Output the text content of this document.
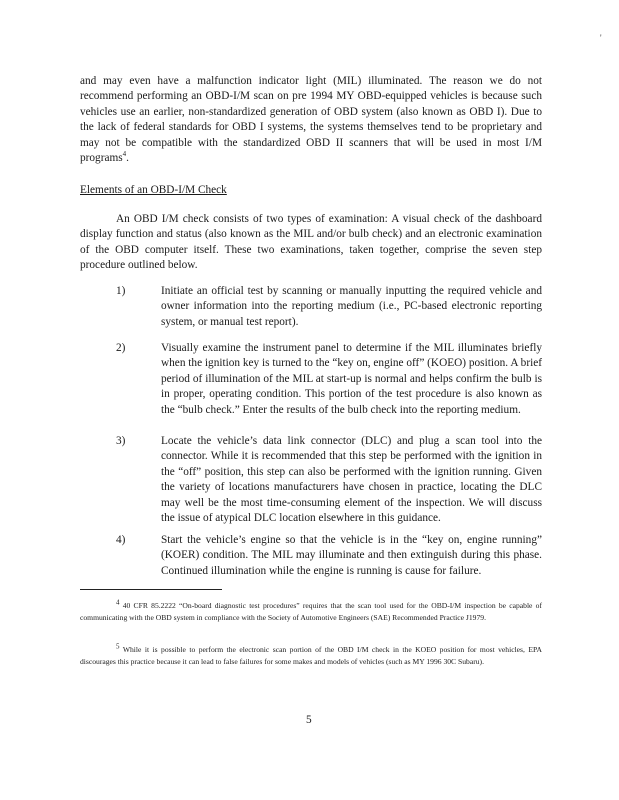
'

and may even have a malfunction indicator light (MIL) illuminated. The reason we do not recommend performing an OBD-I/M scan on pre 1994 MY OBD-equipped vehicles is because such vehicles use an earlier, non-standardized generation of OBD system (also known as OBD I). Due to the lack of federal standards for OBD I systems, the systems themselves tend to be proprietary and may not be compatible with the standardized OBD II scanners that will be used in most I/M programs$^4$.

Elements of an OBD-I/M Check

An OBD I/M check consists of two types of examination: A visual check of the dashboard display function and status (also known as the MIL and/or bulb check) and an electronic examination of the OBD computer itself. These two examinations, taken together, comprise the seven step procedure outlined below.

1)	Initiate an official test by scanning or manually inputting the required vehicle and owner information into the reporting medium (i.e., PC-based electronic reporting system, or manual test report).
2)	Visually examine the instrument panel to determine if the MIL illuminates briefly when the ignition key is turned to the “key on, engine off” (KOEO) position. A brief period of illumination of the MIL at start-up is normal and helps confirm the bulb is in proper, operating condition. This portion of the test procedure is also known as the “bulb check.” Enter the results of the bulb check into the reporting medium.
3)	Locate the vehicle’s data link connector (DLC) and plug a scan tool into the connector. While it is recommended that this step be performed with the ignition in the “off” position, this step can also be performed with the ignition running. Given the variety of locations manufacturers have chosen in practice, locating the DLC may well be the most time-consuming element of the inspection. We will discuss the issue of atypical DLC location elsewhere in this guidance.
4)	Start the vehicle’s engine so that the vehicle is in the “key on, engine running” (KOER) condition. The MIL may illuminate and then extinguish during this phase. Continued illumination while the engine is running is cause for failure.

$^4$ 40 CFR 85.2222 “On-board diagnostic test procedures” requires that the scan tool used for the OBD-I/M inspection be capable of communicating with the OBD system in compliance with the Society of Automotive Engineers (SAE) Recommended Practice J1979.

$^5$ While it is possible to perform the electronic scan portion of the OBD I/M check in the KOEO position for most vehicles, EPA discourages this practice because it can lead to false failures for some makes and models of vehicles (such as MY 1996 30C Subaru).

5
